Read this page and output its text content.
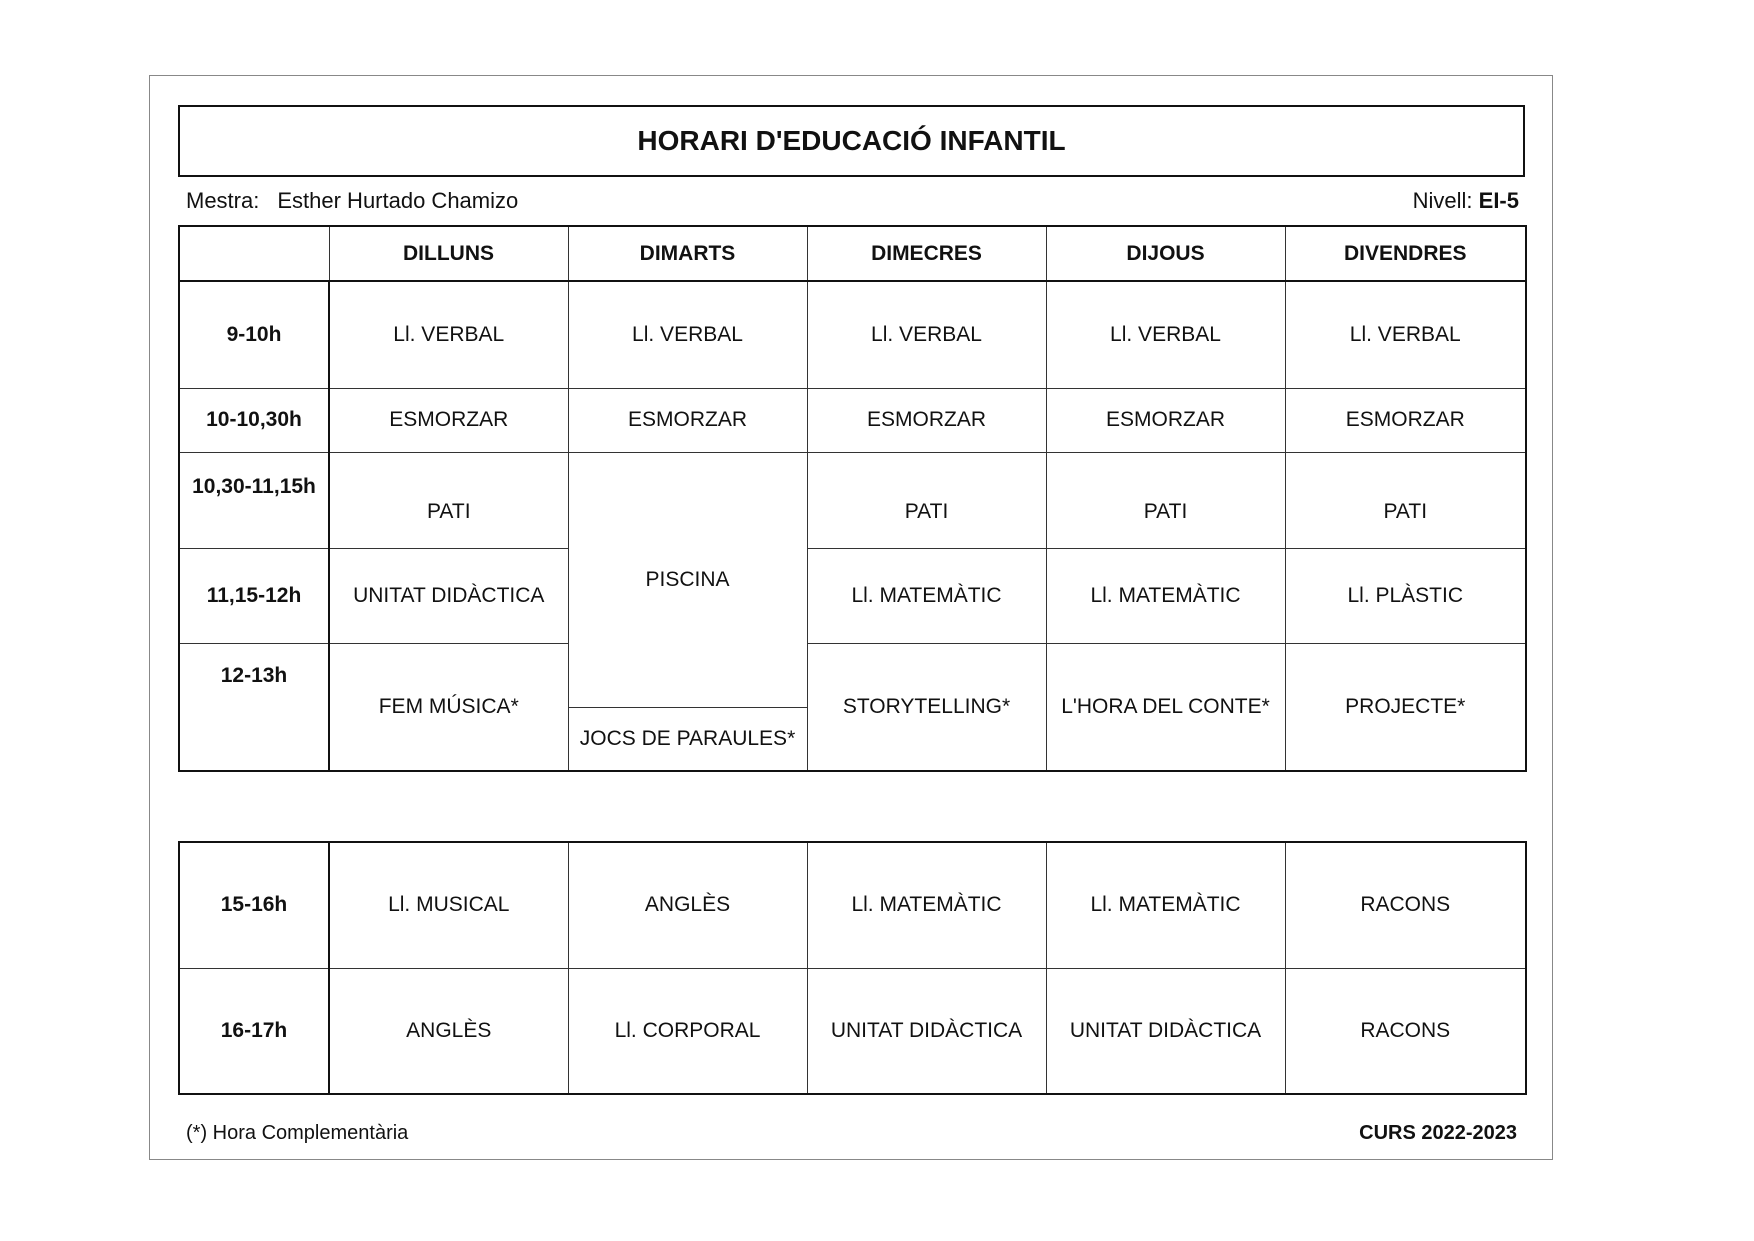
HORARI D'EDUCACIÓ INFANTIL
Mestra: Esther Hurtado Chamizo	Nivell: EI-5
	DILLUNS	DIMARTS	DIMECRES	DIJOUS	DIVENDRES
9-10h	Ll. VERBAL	Ll. VERBAL	Ll. VERBAL	Ll. VERBAL	Ll. VERBAL
10-10,30h	ESMORZAR	ESMORZAR	ESMORZAR	ESMORZAR	ESMORZAR
10,30-11,15h	PATI	PISCINA	PATI	PATI	PATI
11,15-12h	UNITAT DIDÀCTICA		Ll. MATEMÀTIC	Ll. MATEMÀTIC	Ll. PLÀSTIC
12-13h	FEM MÚSICA*		STORYTELLING*	L'HORA DEL CONTE*	PROJECTE*
		JOCS DE PARAULES*			
15-16h	Ll. MUSICAL	ANGLÈS	Ll. MATEMÀTIC	Ll. MATEMÀTIC	RACONS
16-17h	ANGLÈS	Ll. CORPORAL	UNITAT DIDÀCTICA	UNITAT DIDÀCTICA	RACONS
(*) Hora Complementària	CURS 2022-2023
